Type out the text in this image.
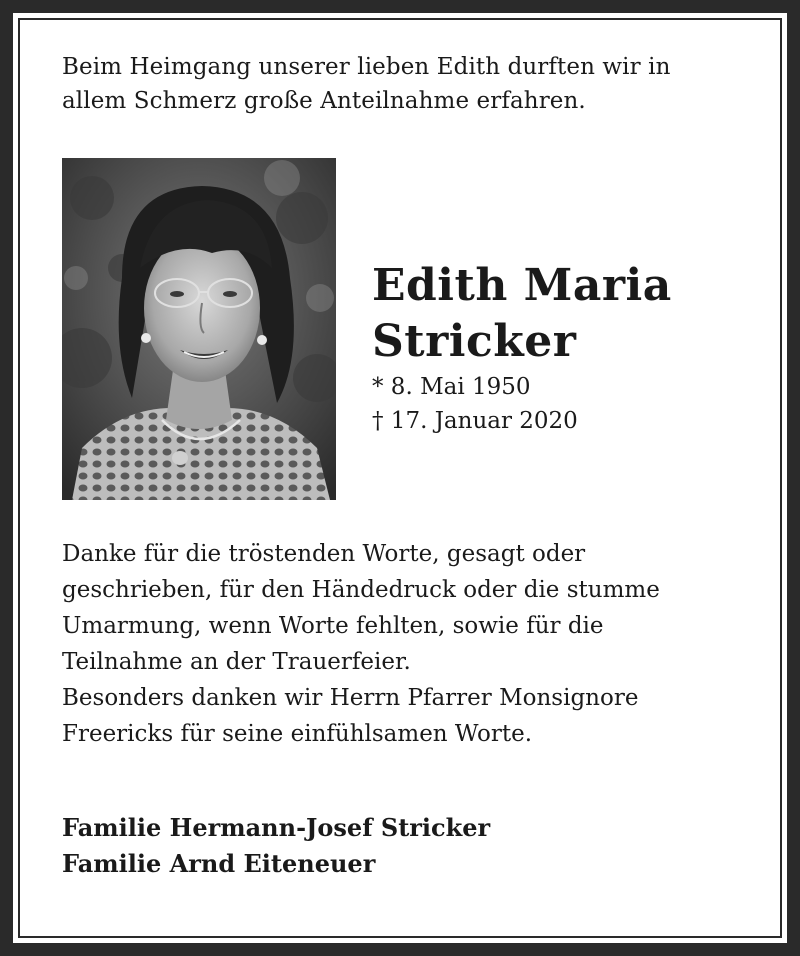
Beim Heimgang unserer lieben Edith durften wir in
allem Schmerz große Anteilnahme erfahren.

Edith Maria
Stricker

* 8. Mai 1950

† 17. Januar 2020

Danke für die tröstenden Worte, gesagt oder
geschrieben, für den Händedruck oder die stumme
Umarmung, wenn Worte fehlten, sowie für die
Teilnahme an der Trauerfeier.
Besonders danken wir Herrn Pfarrer Monsignore
Freericks für seine einfühlsamen Worte.

Familie Hermann-Josef Stricker
Familie Arnd Eiteneuer
